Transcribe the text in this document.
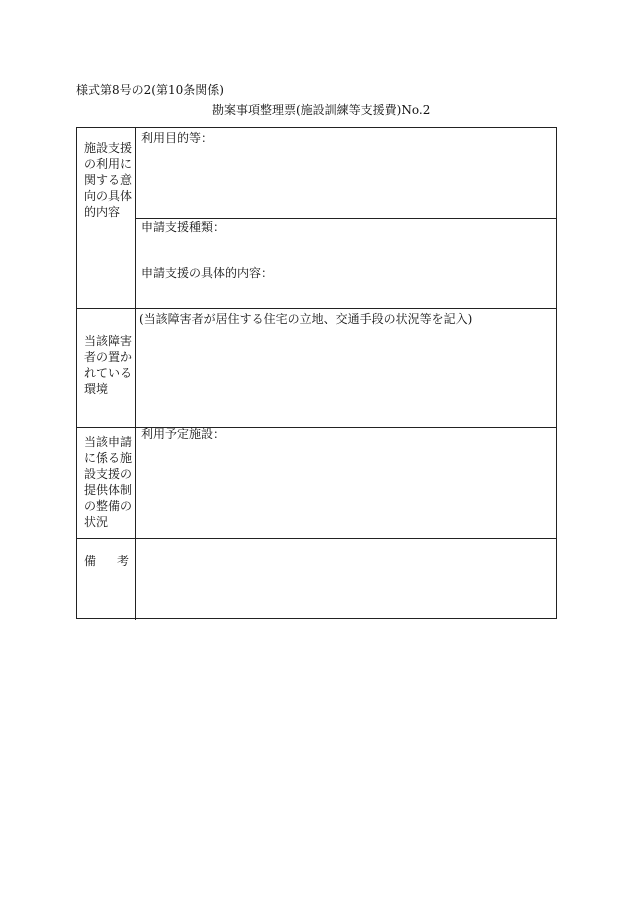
様式第8号の2(第10条関係)
勘案事項整理票(施設訓練等支援費)No.2
施設支援の利用に関する意向の具体的内容
利用目的等：
申請支援種類：
申請支援の具体的内容：
当該障害者の置かれている環境
(当該障害者が居住する住宅の立地、交通手段の状況等を記入)
当該申請に係る施設支援の提供体制の整備の状況
利用予定施設：
備 考
